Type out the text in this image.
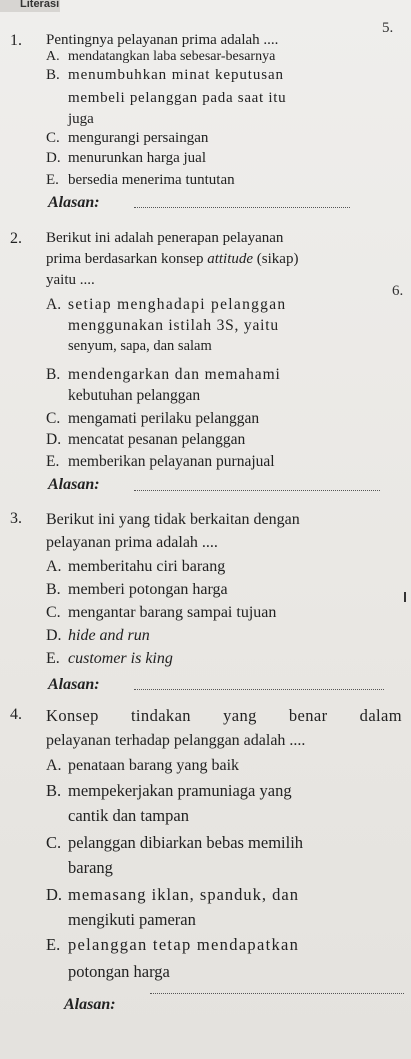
Literasi
5.
6.
1. Pentingnya pelayanan prima adalah ....
A. mendatangkan laba sebesar-besarnya
B. menumbuhkan minat keputusan
membeli pelanggan pada saat itu
juga
C. mengurangi persaingan
D. menurunkan harga jual
E. bersedia menerima tuntutan
Alasan:
2. Berikut ini adalah penerapan pelayanan
prima berdasarkan konsep attitude (sikap)
yaitu ....
A. setiap menghadapi pelanggan
menggunakan istilah 3S, yaitu
senyum, sapa, dan salam
B. mendengarkan dan memahami
kebutuhan pelanggan
C. mengamati perilaku pelanggan
D. mencatat pesanan pelanggan
E. memberikan pelayanan purnajual
Alasan:
3. Berikut ini yang tidak berkaitan dengan
pelayanan prima adalah ....
A. memberitahu ciri barang
B. memberi potongan harga
C. mengantar barang sampai tujuan
D. hide and run
E. customer is king
Alasan:
4. Konsep tindakan yang benar dalam
pelayanan terhadap pelanggan adalah ....
A. penataan barang yang baik
B. mempekerjakan pramuniaga yang
cantik dan tampan
C. pelanggan dibiarkan bebas memilih
barang
D. memasang iklan, spanduk, dan
mengikuti pameran
E. pelanggan tetap mendapatkan
potongan harga
Alasan:
